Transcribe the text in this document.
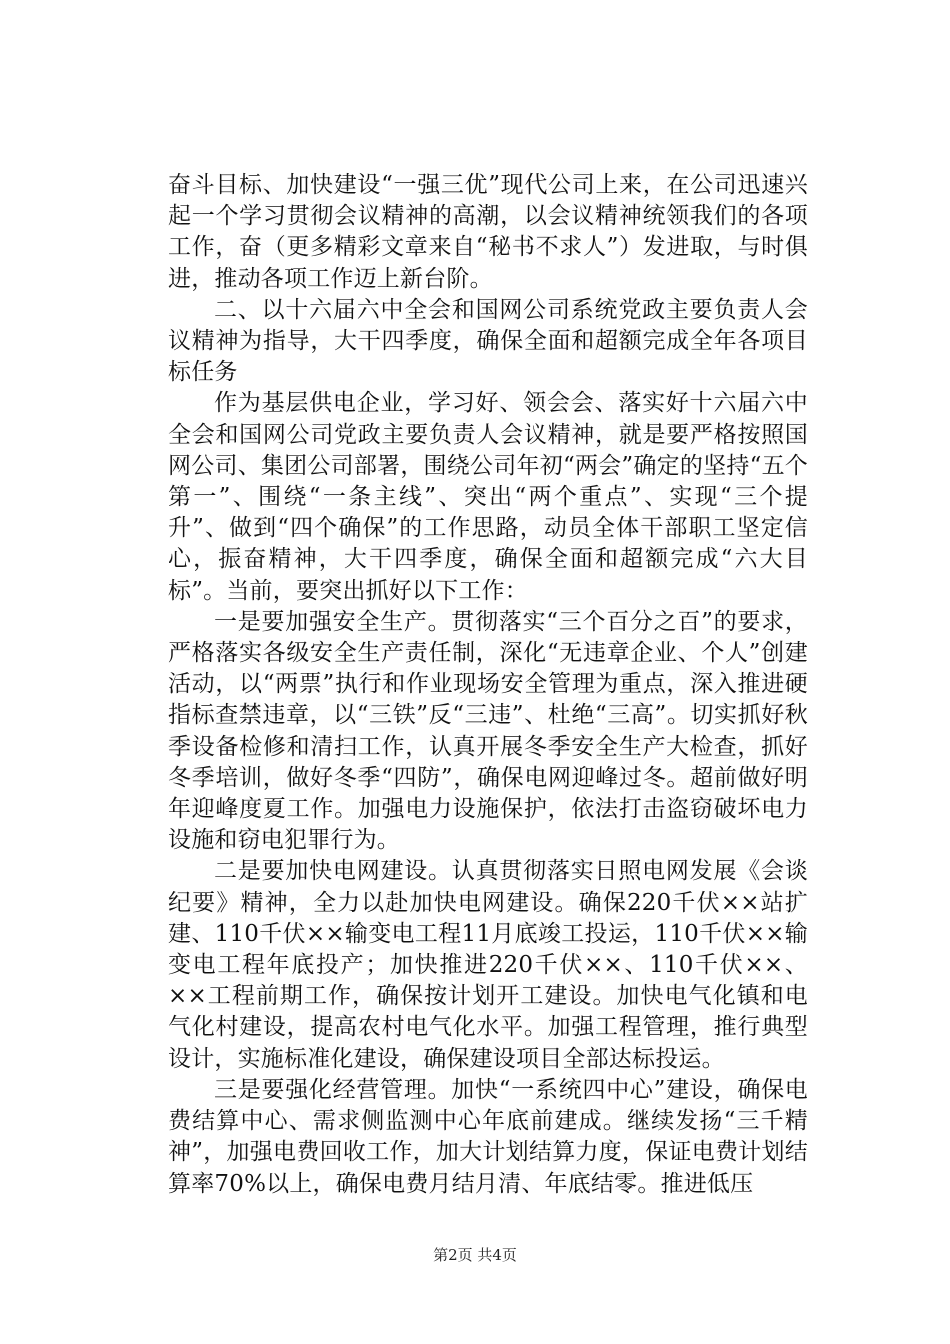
奋斗目标、加快建设“一强三优”现代公司上来，在公司迅速兴起一个学习贯彻会议精神的高潮，以会议精神统领我们的各项工作，奋（更多精彩文章来自“秘书不求人”）发进取，与时俱进，推动各项工作迈上新台阶。

二、以十六届六中全会和国网公司系统党政主要负责人会议精神为指导，大干四季度，确保全面和超额完成全年各项目标任务

作为基层供电企业，学习好、领会会、落实好十六届六中全会和国网公司党政主要负责人会议精神，就是要严格按照国网公司、集团公司部署，围绕公司年初“两会”确定的坚持“五个第一”、围绕“一条主线”、突出“两个重点”、实现“三个提升”、做到“四个确保”的工作思路，动员全体干部职工坚定信心，振奋精神，大干四季度，确保全面和超额完成“六大目标”。当前，要突出抓好以下工作：

一是要加强安全生产。贯彻落实“三个百分之百”的要求，严格落实各级安全生产责任制，深化“无违章企业、个人”创建活动，以“两票”执行和作业现场安全管理为重点，深入推进硬指标查禁违章，以“三铁”反“三违”、杜绝“三高”。切实抓好秋季设备检修和清扫工作，认真开展冬季安全生产大检查，抓好冬季培训，做好冬季“四防”，确保电网迎峰过冬。超前做好明年迎峰度夏工作。加强电力设施保护，依法打击盗窃破坏电力设施和窃电犯罪行为。

二是要加快电网建设。认真贯彻落实日照电网发展《会谈纪要》精神，全力以赴加快电网建设。确保220千伏××站扩建、110千伏××输变电工程11月底竣工投运，110千伏××输变电工程年底投产；加快推进220千伏××、110千伏××、××工程前期工作，确保按计划开工建设。加快电气化镇和电气化村建设，提高农村电气化水平。加强工程管理，推行典型设计，实施标准化建设，确保建设项目全部达标投运。

三是要强化经营管理。加快“一系统四中心”建设，确保电费结算中心、需求侧监测中心年底前建成。继续发扬“三千精神”，加强电费回收工作，加大计划结算力度，保证电费计划结算率70%以上，确保电费月结月清、年底结零。推进低压

第2页 共4页
